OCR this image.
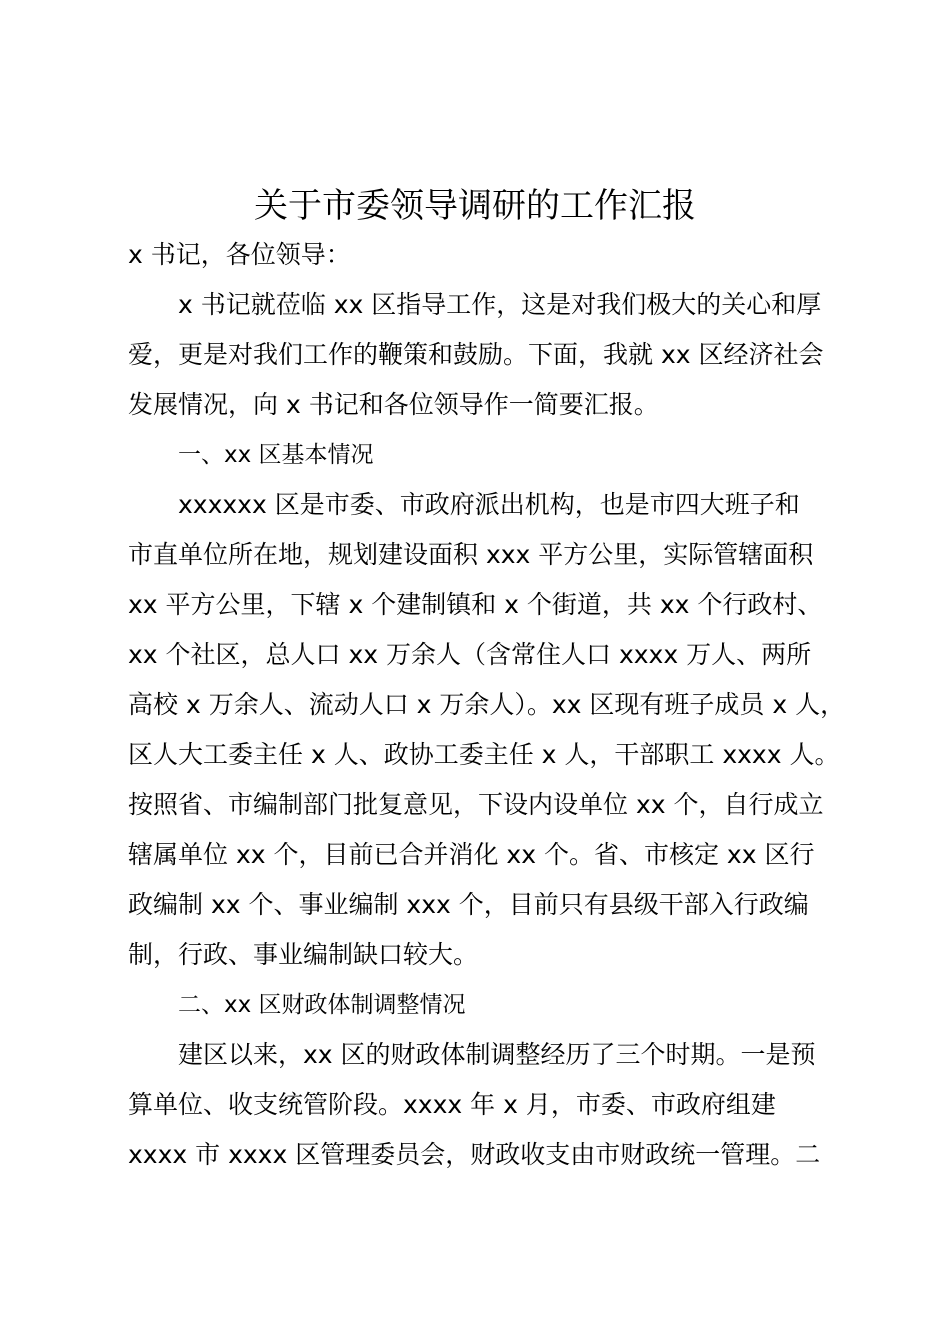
关于市委领导调研的工作汇报
x 书记，各位领导：
x 书记就莅临 xx 区指导工作，这是对我们极大的关心和厚
爱，更是对我们工作的鞭策和鼓励。下面，我就 xx 区经济社会
发展情况，向 x 书记和各位领导作一简要汇报。
一、xx 区基本情况
xxxxxx 区是市委、市政府派出机构，也是市四大班子和
市直单位所在地，规划建设面积 xxx 平方公里，实际管辖面积
xx 平方公里，下辖 x 个建制镇和 x 个街道，共 xx 个行政村、
xx 个社区，总人口 xx 万余人（含常住人口 xxxx 万人、两所
高校 x 万余人、流动人口 x 万余人）。xx 区现有班子成员 x 人，
区人大工委主任 x 人、政协工委主任 x 人，干部职工 xxxx 人。
按照省、市编制部门批复意见，下设内设单位 xx 个，自行成立
辖属单位 xx 个，目前已合并消化 xx 个。省、市核定 xx 区行
政编制 xx 个、事业编制 xxx 个，目前只有县级干部入行政编
制，行政、事业编制缺口较大。
二、xx 区财政体制调整情况
建区以来，xx 区的财政体制调整经历了三个时期。一是预
算单位、收支统管阶段。xxxx 年 x 月，市委、市政府组建
xxxx 市 xxxx 区管理委员会，财政收支由市财政统一管理。二
